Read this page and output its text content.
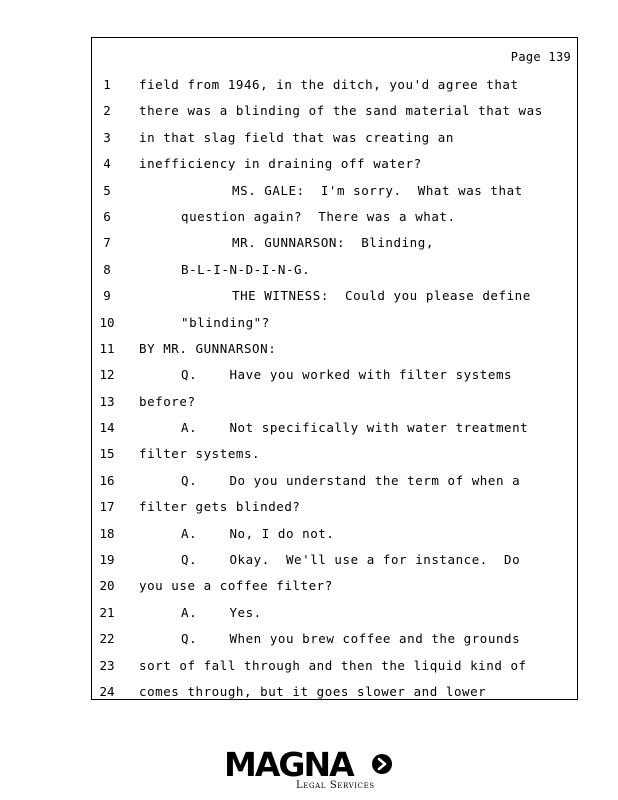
Page 139
1	field from 1946, in the ditch, you'd agree that
2	there was a blinding of the sand material that was
3	in that slag field that was creating an
4	inefficiency in draining off water?
5	MS. GALE:  I'm sorry.  What was that
6	question again?  There was a what.
7	MR. GUNNARSON:  Blinding,
8	B-L-I-N-D-I-N-G.
9	THE WITNESS:  Could you please define
10	"blinding"?
11	BY MR. GUNNARSON:
12	Q.    Have you worked with filter systems
13	before?
14	A.    Not specifically with water treatment
15	filter systems.
16	Q.    Do you understand the term of when a
17	filter gets blinded?
18	A.    No, I do not.
19	Q.    Okay.  We'll use a for instance.  Do
20	you use a coffee filter?
21	A.    Yes.
22	Q.    When you brew coffee and the grounds
23	sort of fall through and then the liquid kind of
24	comes through, but it goes slower and lower
MAGNA
Legal Services
